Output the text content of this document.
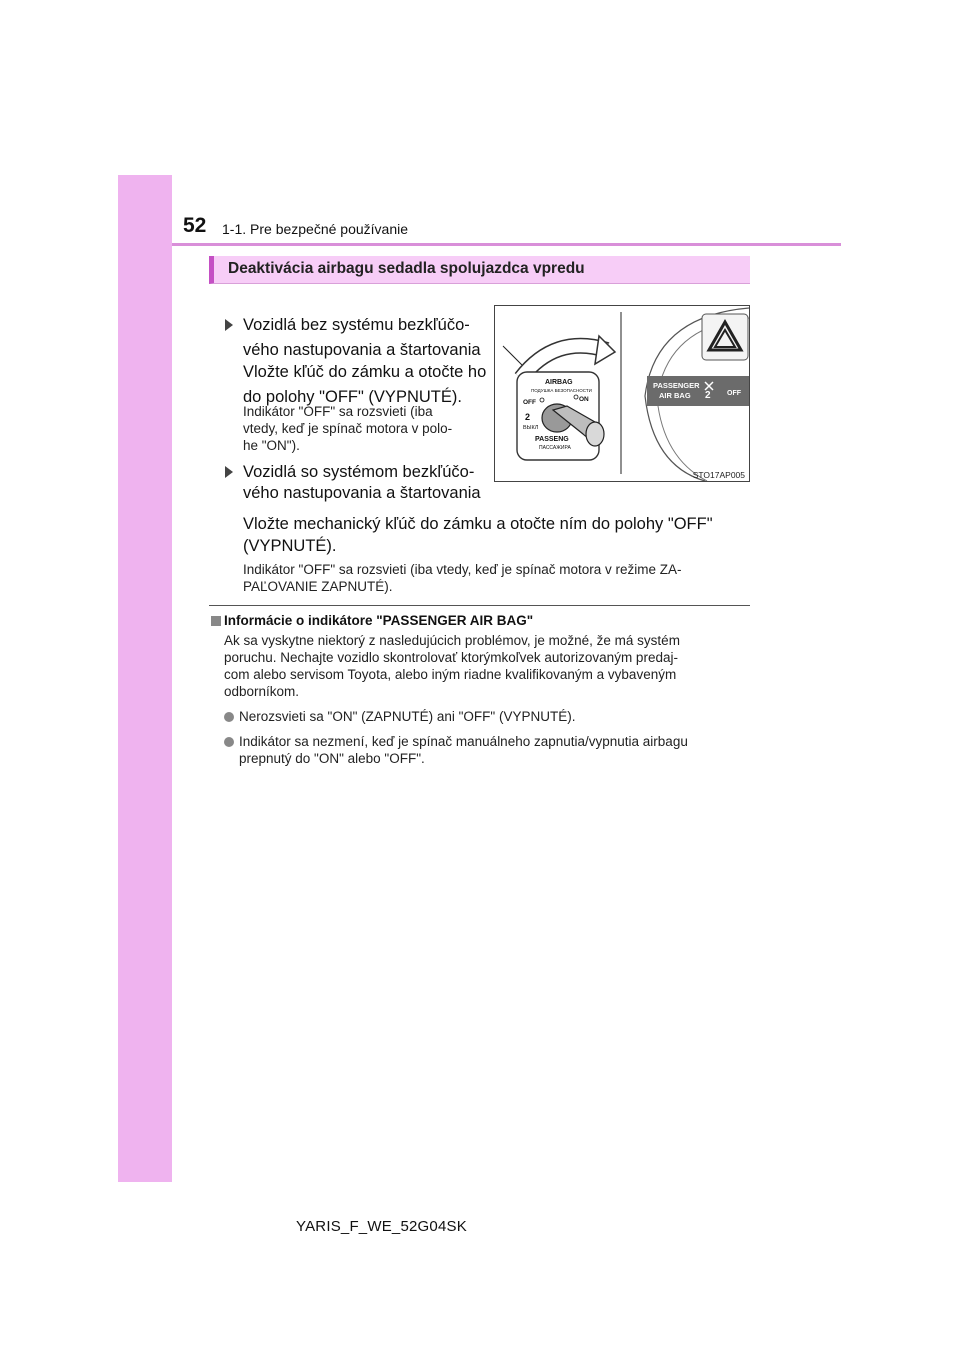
52 1-1. Pre bezpečné používanie
Deaktivácia airbagu sedadla spolujazdca vpredu
Vozidlá bez systému bezkľúčo-
vého nastupovania a štartovania
Vložte kľúč do zámku a otočte ho
do polohy "OFF" (VYPNUTÉ).
Indikátor "OFF" sa rozsvieti (iba
vtedy, keď je spínač motora v polo-
he "ON").
Vozidlá so systémom bezkľúčo-
vého nastupovania a štartovania
Vložte mechanický kľúč do zámku a otočte ním do polohy "OFF"
(VYPNUTÉ).
Indikátor "OFF" sa rozsvieti (iba vtedy, keď je spínač motora v režime ZA-
PAĽOVANIE ZAPNUTÉ).
AIRBAG
ПОДУШКА БЕЗОПАСНОСТИ
OFF	ON
2
ВЫКЛ
PASSENG
ПАССАЖИРА
PASSENGER
AIR BAG 2 OFF
STO17AP005
Informácie o indikátore "PASSENGER AIR BAG"
Ak sa vyskytne niektorý z nasledujúcich problémov, je možné, že má systém
poruchu. Nechajte vozidlo skontrolovať ktorýmkoľvek autorizovaným predaj-
com alebo servisom Toyota, alebo iným riadne kvalifikovaným a vybaveným
odborníkom.
Nerozsvieti sa "ON" (ZAPNUTÉ) ani "OFF" (VYPNUTÉ).
Indikátor sa nezmení, keď je spínač manuálneho zapnutia/vypnutia airbagu
prepnutý do "ON" alebo "OFF".
YARIS_F_WE_52G04SK
